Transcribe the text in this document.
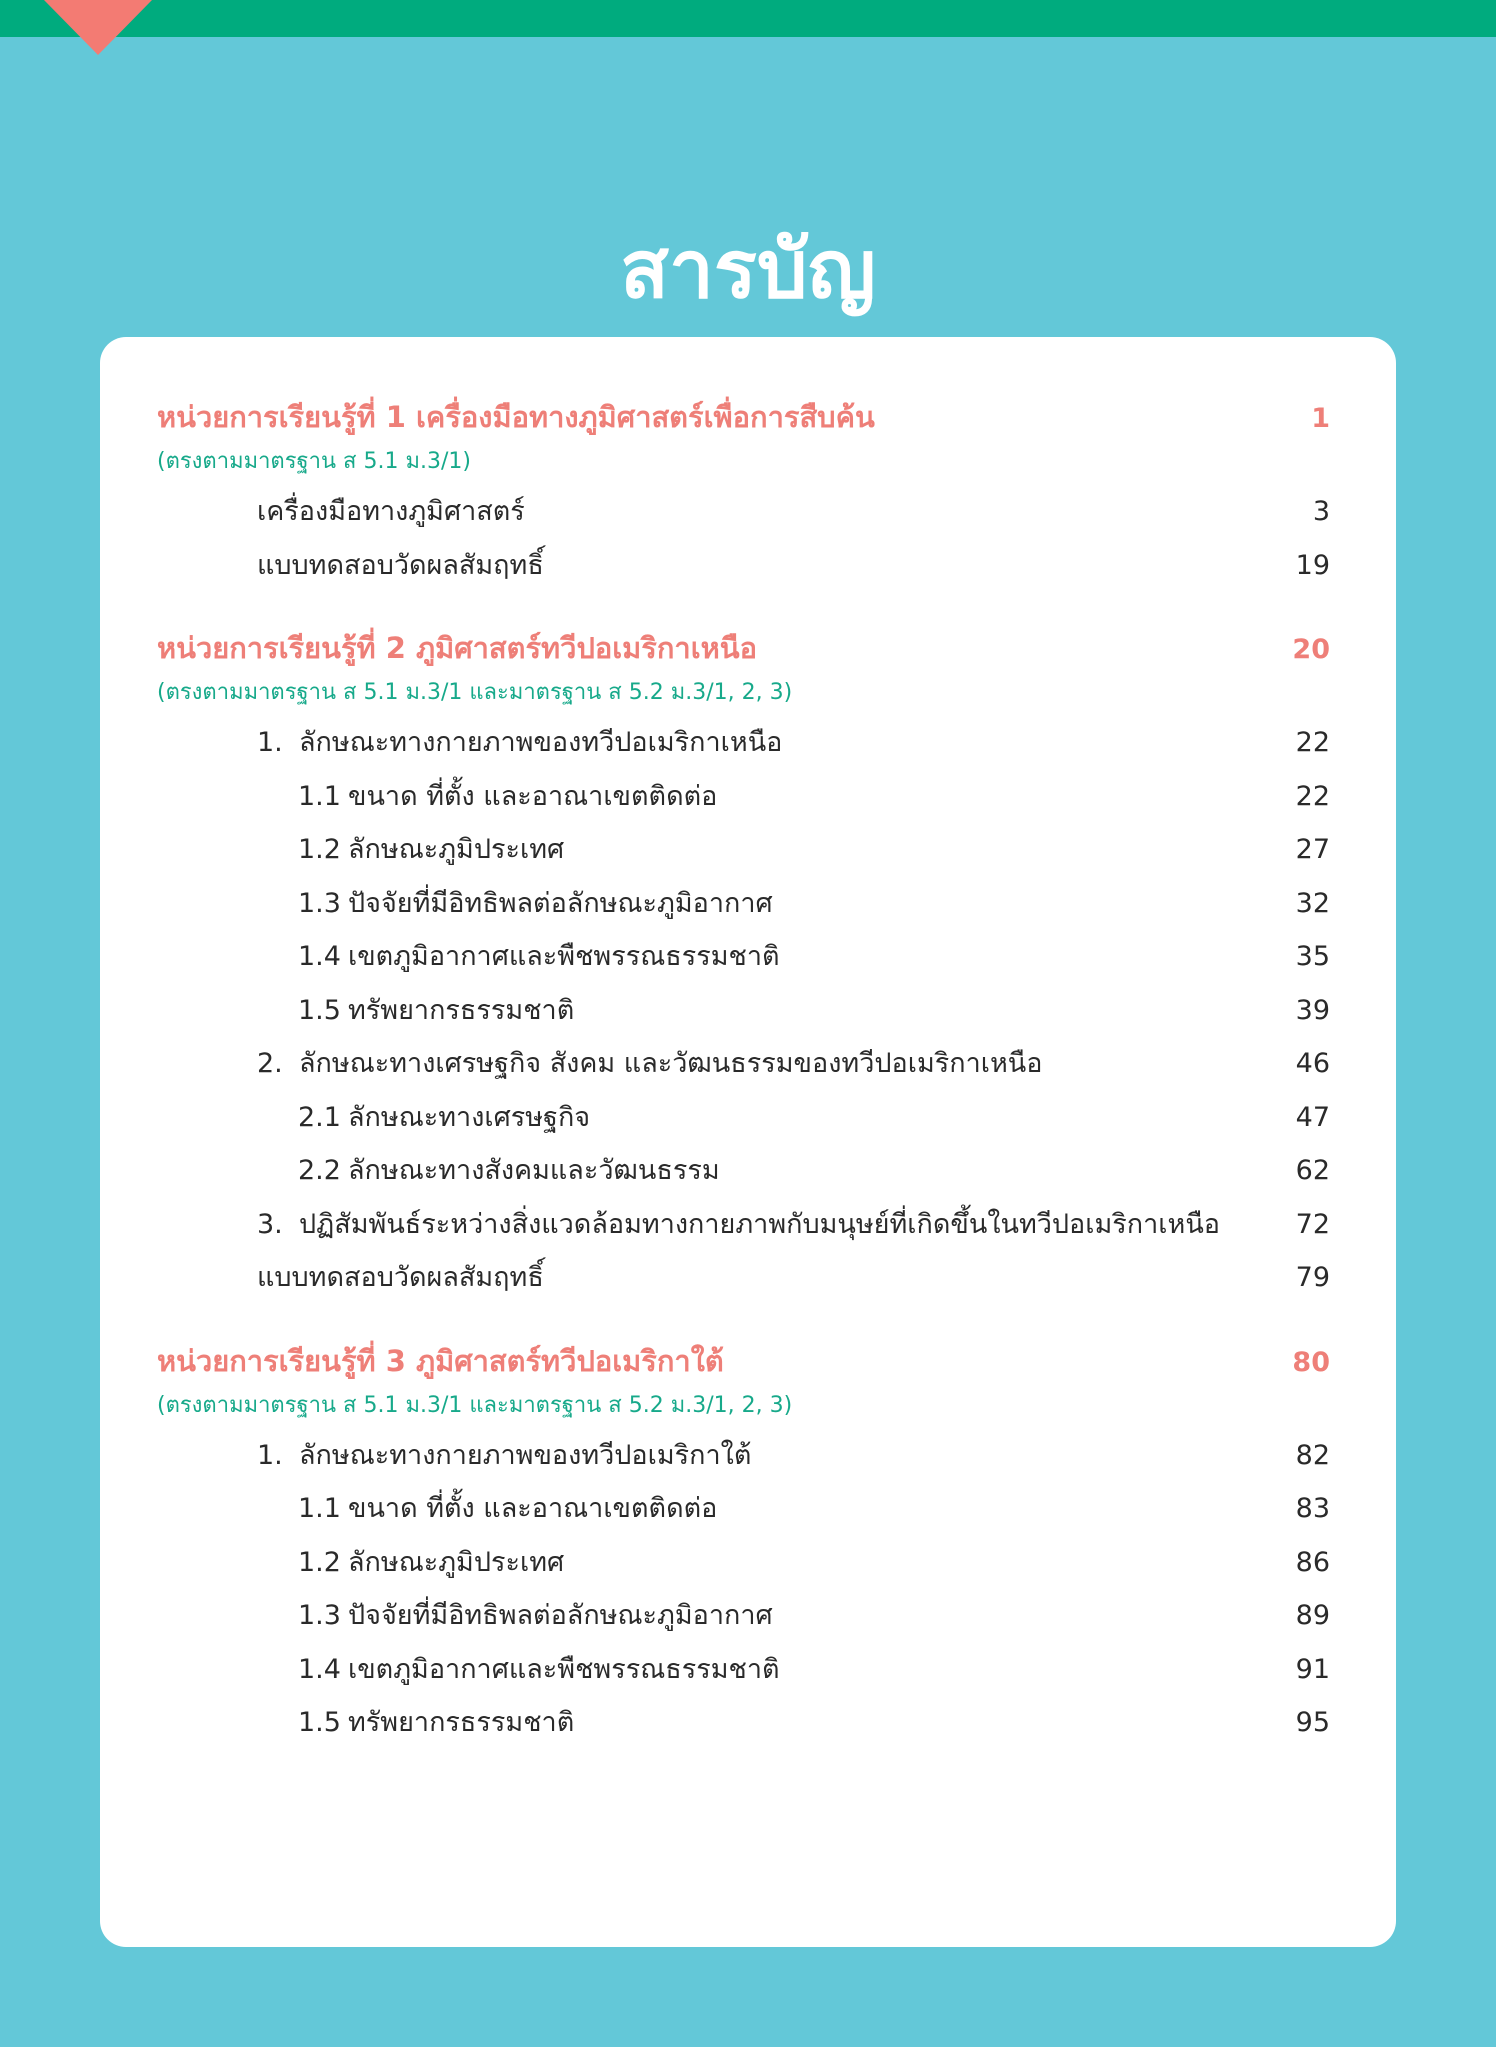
สารบัญ
หน่วยการเรียนรู้ที่ 1 เครื่องมือทางภูมิศาสตร์เพื่อการสืบค้น	1
(ตรงตามมาตรฐาน ส 5.1 ม.3/1)
เครื่องมือทางภูมิศาสตร์	3
แบบทดสอบวัดผลสัมฤทธิ์	19
หน่วยการเรียนรู้ที่ 2 ภูมิศาสตร์ทวีปอเมริกาเหนือ	20
(ตรงตามมาตรฐาน ส 5.1 ม.3/1 และมาตรฐาน ส 5.2 ม.3/1, 2, 3)
1. ลักษณะทางกายภาพของทวีปอเมริกาเหนือ	22
1.1 ขนาด ที่ตั้ง และอาณาเขตติดต่อ	22
1.2 ลักษณะภูมิประเทศ	27
1.3 ปัจจัยที่มีอิทธิพลต่อลักษณะภูมิอากาศ	32
1.4 เขตภูมิอากาศและพืชพรรณธรรมชาติ	35
1.5 ทรัพยากรธรรมชาติ	39
2. ลักษณะทางเศรษฐกิจ สังคม และวัฒนธรรมของทวีปอเมริกาเหนือ	46
2.1 ลักษณะทางเศรษฐกิจ	47
2.2 ลักษณะทางสังคมและวัฒนธรรม	62
3. ปฏิสัมพันธ์ระหว่างสิ่งแวดล้อมทางกายภาพกับมนุษย์ที่เกิดขึ้นในทวีปอเมริกาเหนือ	72
แบบทดสอบวัดผลสัมฤทธิ์	79
หน่วยการเรียนรู้ที่ 3 ภูมิศาสตร์ทวีปอเมริกาใต้	80
(ตรงตามมาตรฐาน ส 5.1 ม.3/1 และมาตรฐาน ส 5.2 ม.3/1, 2, 3)
1. ลักษณะทางกายภาพของทวีปอเมริกาใต้	82
1.1 ขนาด ที่ตั้ง และอาณาเขตติดต่อ	83
1.2 ลักษณะภูมิประเทศ	86
1.3 ปัจจัยที่มีอิทธิพลต่อลักษณะภูมิอากาศ	89
1.4 เขตภูมิอากาศและพืชพรรณธรรมชาติ	91
1.5 ทรัพยากรธรรมชาติ	95
